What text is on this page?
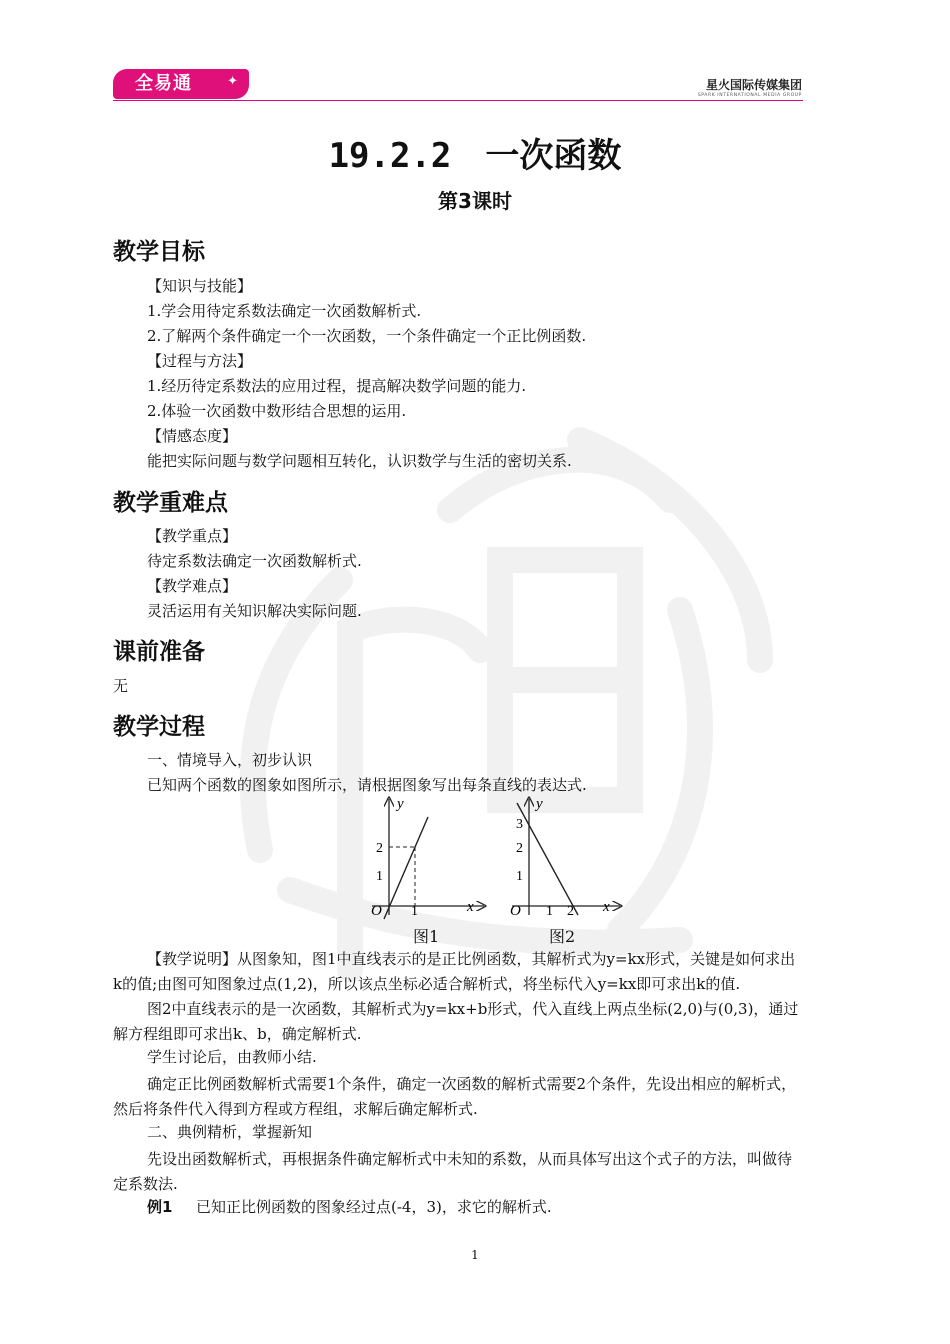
全易通	✦	星火国际传媒集团
SPARK INTERNATIONAL MEDIA GROUP
19.2.2　一次函数
第3课时
教学目标
【知识与技能】
1.学会用待定系数法确定一次函数解析式.
2.了解两个条件确定一个一次函数，一个条件确定一个正比例函数.
【过程与方法】
1.经历待定系数法的应用过程，提高解决数学问题的能力.
2.体验一次函数中数形结合思想的运用.
【情感态度】
能把实际问题与数学问题相互转化，认识数学与生活的密切关系.
教学重难点
【教学重点】
待定系数法确定一次函数解析式.
【教学难点】
灵活运用有关知识解决实际问题.
课前准备
无
教学过程
一、情境导入，初步认识
已知两个函数的图象如图所示，请根据图象写出每条直线的表达式.
y
x
O 1
1
2
图1
y
x
O 1 2
1
2
3
图2
【教学说明】从图象知，图1中直线表示的是正比例函数，其解析式为y=kx形式，关键是如何求出k的值;由图可知图象过点(1,2)，所以该点坐标必适合解析式，将坐标代入y=kx即可求出k的值.
图2中直线表示的是一次函数，其解析式为y=kx+b形式，代入直线上两点坐标(2,0)与(0,3)，通过解方程组即可求出k、b，确定解析式.
学生讨论后，由教师小结.
确定正比例函数解析式需要1个条件，确定一次函数的解析式需要2个条件，先设出相应的解析式，然后将条件代入得到方程或方程组，求解后确定解析式.
二、典例精析，掌握新知
先设出函数解析式，再根据条件确定解析式中未知的系数，从而具体写出这个式子的方法，叫做待定系数法.
例1 已知正比例函数的图象经过点(-4，3)，求它的解析式.
1
